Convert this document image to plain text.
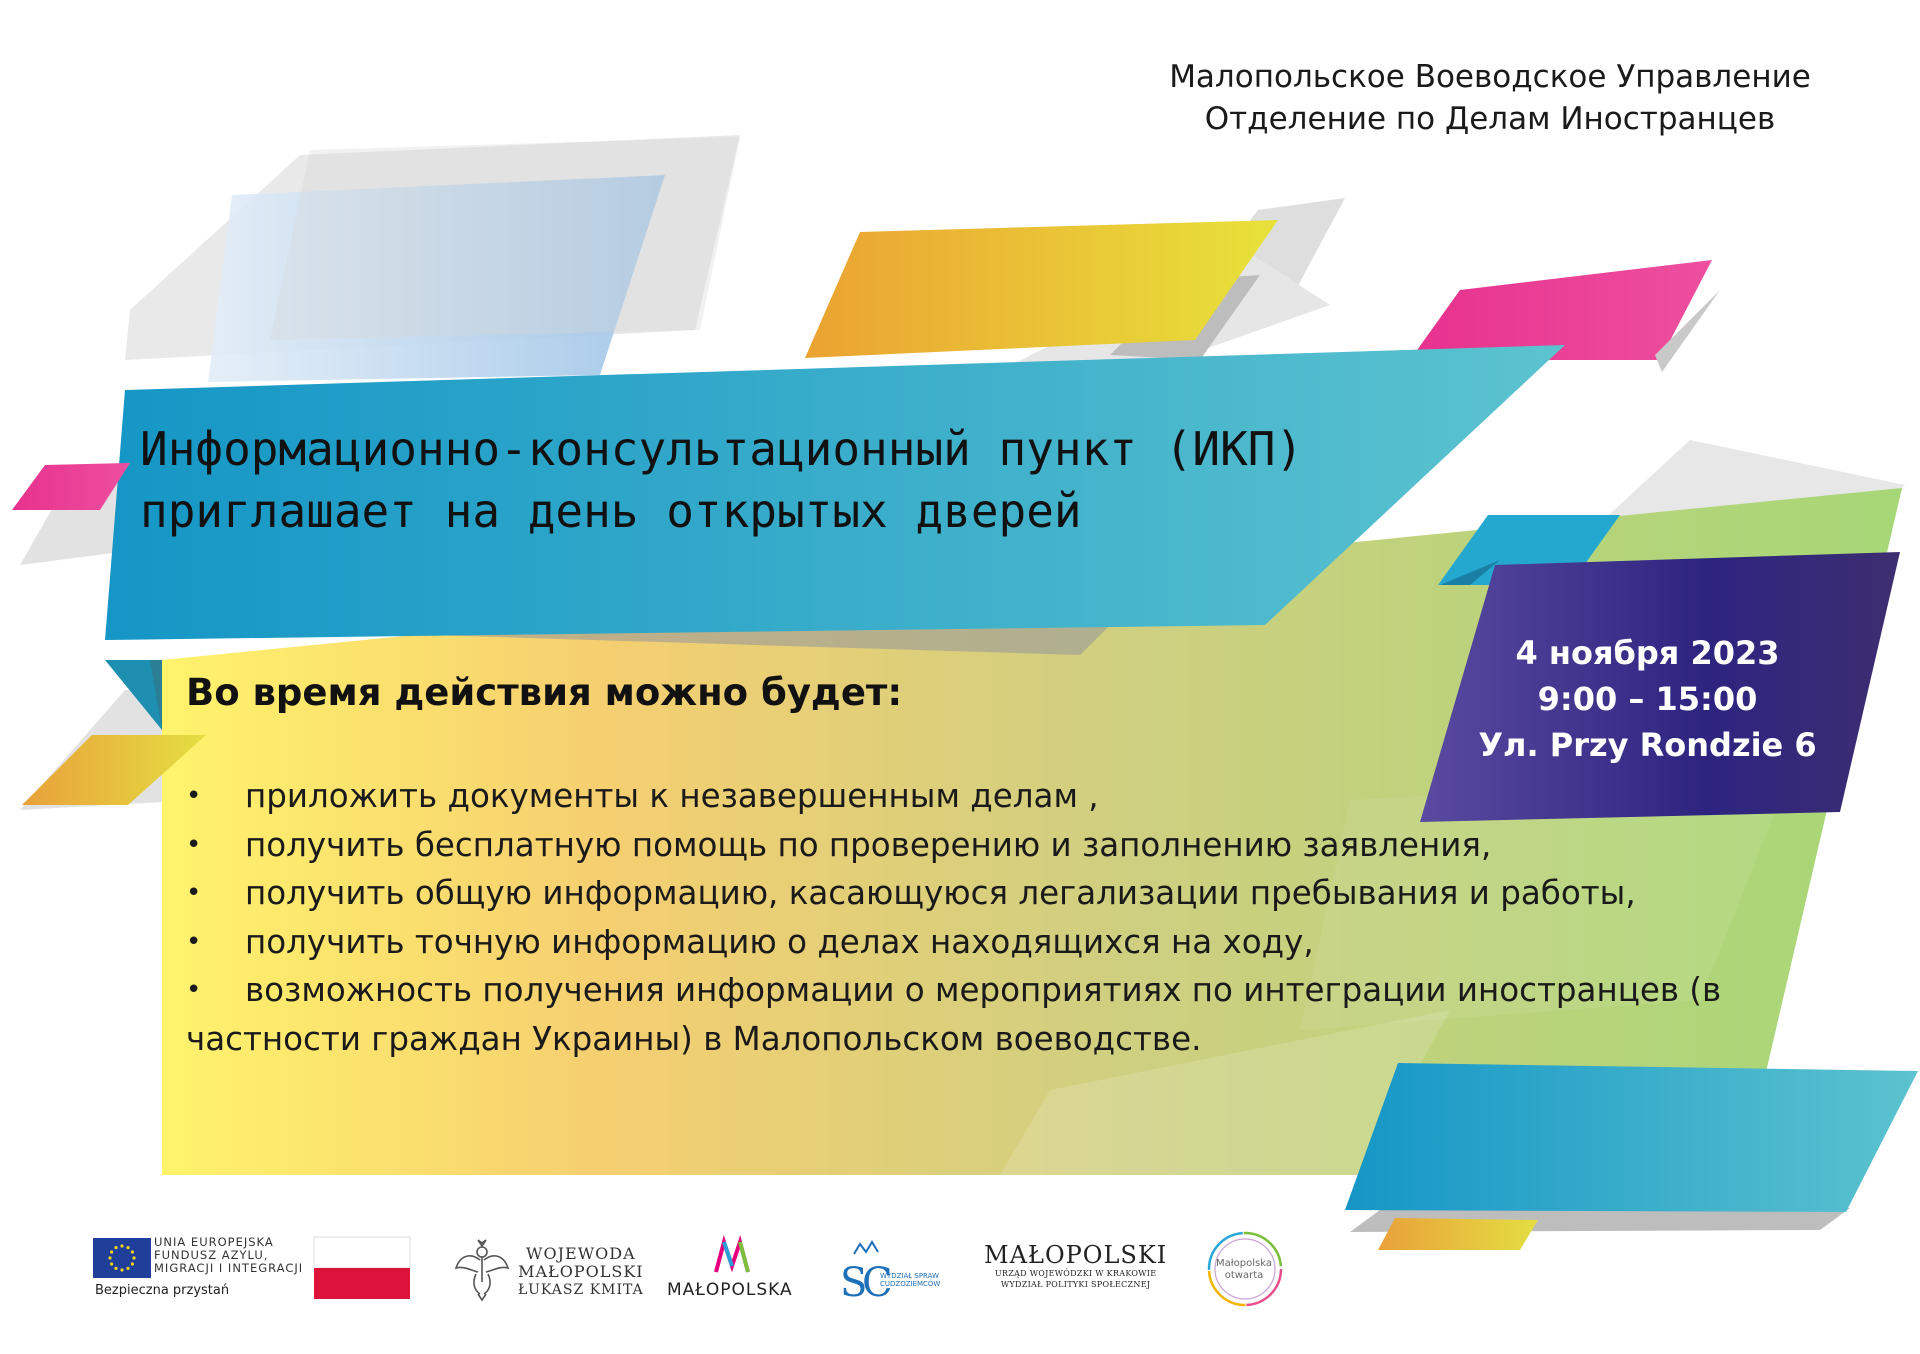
Малопольское Воеводское Управление
Отделение по Делам Иностранцев
Информационно-консультационный пункт (ИКП)
приглашает на день открытых дверей
4 ноября 2023
9:00 – 15:00
Ул. Przy Rondzie 6
Во время действия можно будет:
• приложить документы к незавершенным делам ,
• получить бесплатную помощь по проверению и заполнению заявления,
• получить общую информацию, касающуюся легализации пребывания и работы,
• получить точную информацию о делах находящихся на ходу,
• возможность получения информации о мероприятиях по интеграции иностранцев (в
частности граждан Украины) в Малопольском воеводстве.
UNIA EUROPEJSKA
FUNDUSZ AZYLU,
MIGRACJI I INTEGRACJI
Bezpieczna przystań
WOJEWODA
MAŁOPOLSKI
ŁUKASZ KMITA MAŁOPOLSKA S
C
WYDZIAŁ SPRAW
CUDZOZIEMCÓW
MAŁOPOLSKI
URZĄD WOJEWÓDZKI W KRAKOWIE
WYDZIAŁ POLITYKI SPOŁECZNEJ
Małopolska
otwarta
